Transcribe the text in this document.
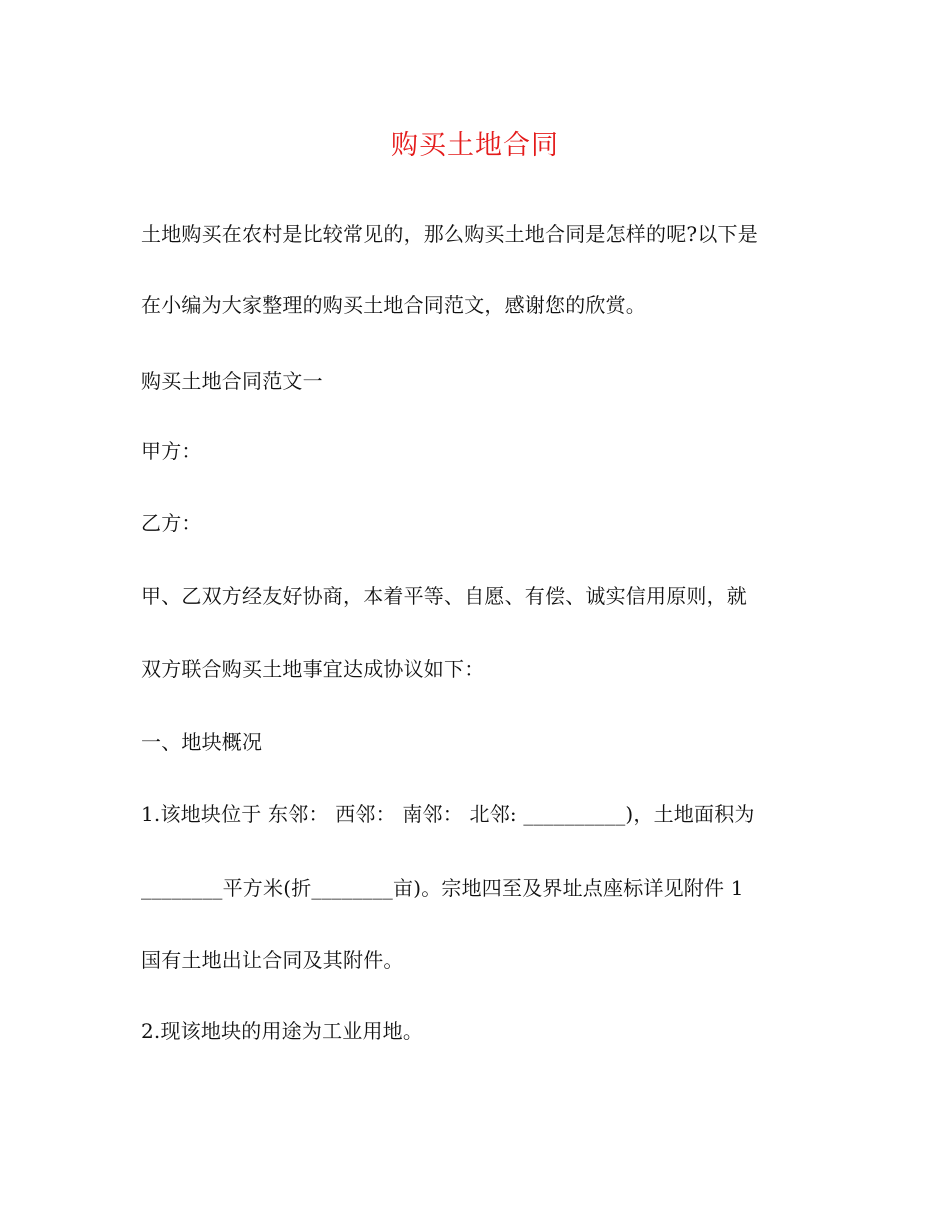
购买土地合同
土地购买在农村是比较常见的，那么购买土地合同是怎样的呢?以下是
在小编为大家整理的购买土地合同范文，感谢您的欣赏。
购买土地合同范文一
甲方：
乙方：
甲、乙双方经友好协商，本着平等、自愿、有偿、诚实信用原则，就
双方联合购买土地事宜达成协议如下：
一、地块概况
1.该地块位于 东邻： 西邻： 南邻： 北邻: __________)，土地面积为
________平方米(折________亩)。宗地四至及界址点座标详见附件 1
国有土地出让合同及其附件。
2.现该地块的用途为工业用地。
